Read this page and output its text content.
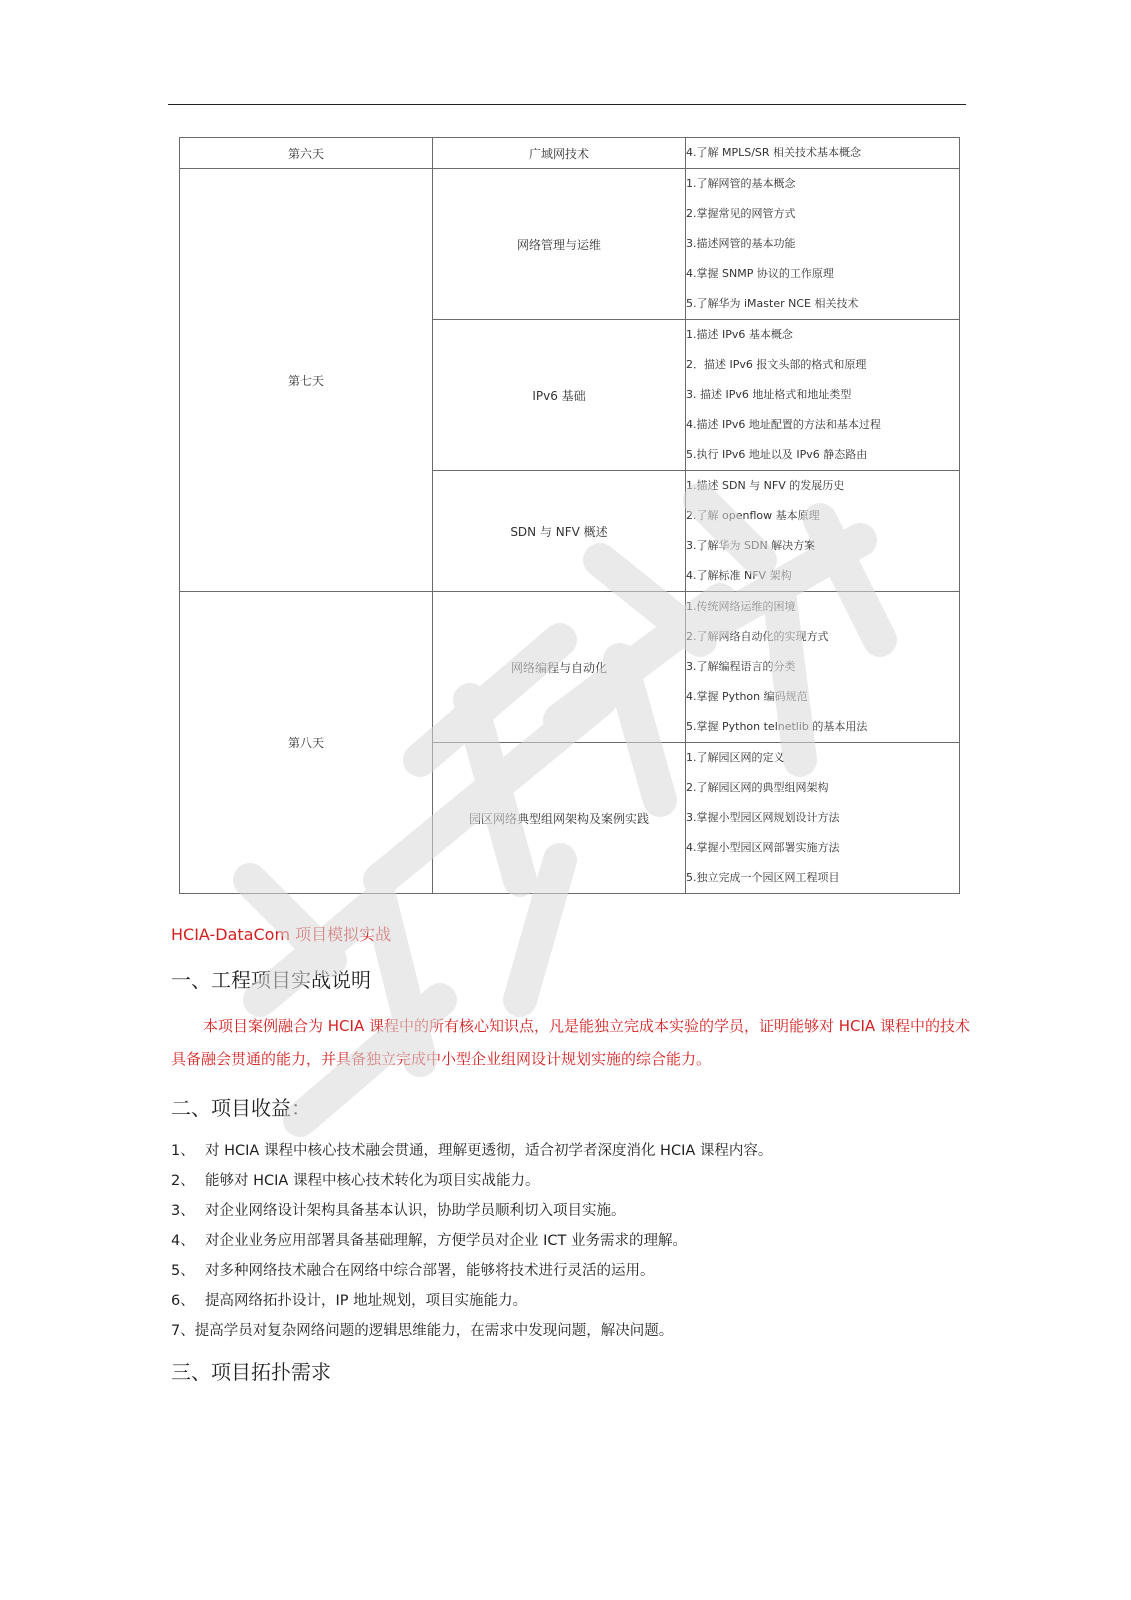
第六天	广域网技术	4.了解 MPLS/SR 相关技术基本概念

第七天	网络管理与运维	1.了解网管的基本概念
2.掌握常见的网管方式
3.描述网管的基本功能
4.掌握 SNMP 协议的工作原理
5.了解华为 iMaster NCE 相关技术

	IPv6 基础	1.描述 IPv6 基本概念
2．描述 IPv6 报文头部的格式和原理
3. 描述 IPv6 地址格式和地址类型
4.描述 IPv6 地址配置的方法和基本过程
5.执行 IPv6 地址以及 IPv6 静态路由

	SDN 与 NFV 概述	1.描述 SDN 与 NFV 的发展历史
2.了解 openflow 基本原理
3.了解华为 SDN 解决方案
4.了解标准 NFV 架构

第八天	网络编程与自动化	1.传统网络运维的困境
2.了解网络自动化的实现方式
3.了解编程语言的分类
4.掌握 Python 编码规范
5.掌握 Python telnetlib 的基本用法

	园区网络典型组网架构及案例实践	1.了解园区网的定义
2.了解园区网的典型组网架构
3.掌握小型园区网规划设计方法
4.掌握小型园区网部署实施方法
5.独立完成一个园区网工程项目
HCIA-DataCom 项目模拟实战
一、工程项目实战说明

本项目案例融合为 HCIA 课程中的所有核心知识点，凡是能独立完成本实验的学员，证明能够对 HCIA 课程中的技术具备融会贯通的能力，并具备独立完成中小型企业组网设计规划实施的综合能力。

二、项目收益：
1、 对 HCIA 课程中核心技术融会贯通，理解更透彻，适合初学者深度消化 HCIA 课程内容。
2、 能够对 HCIA 课程中核心技术转化为项目实战能力。
3、 对企业网络设计架构具备基本认识，协助学员顺利切入项目实施。
4、 对企业业务应用部署具备基础理解，方便学员对企业 ICT 业务需求的理解。
5、 对多种网络技术融合在网络中综合部署，能够将技术进行灵活的运用。
6、 提高网络拓扑设计，IP 地址规划，项目实施能力。
7、提高学员对复杂网络问题的逻辑思维能力，在需求中发现问题，解决问题。
三、项目拓扑需求
